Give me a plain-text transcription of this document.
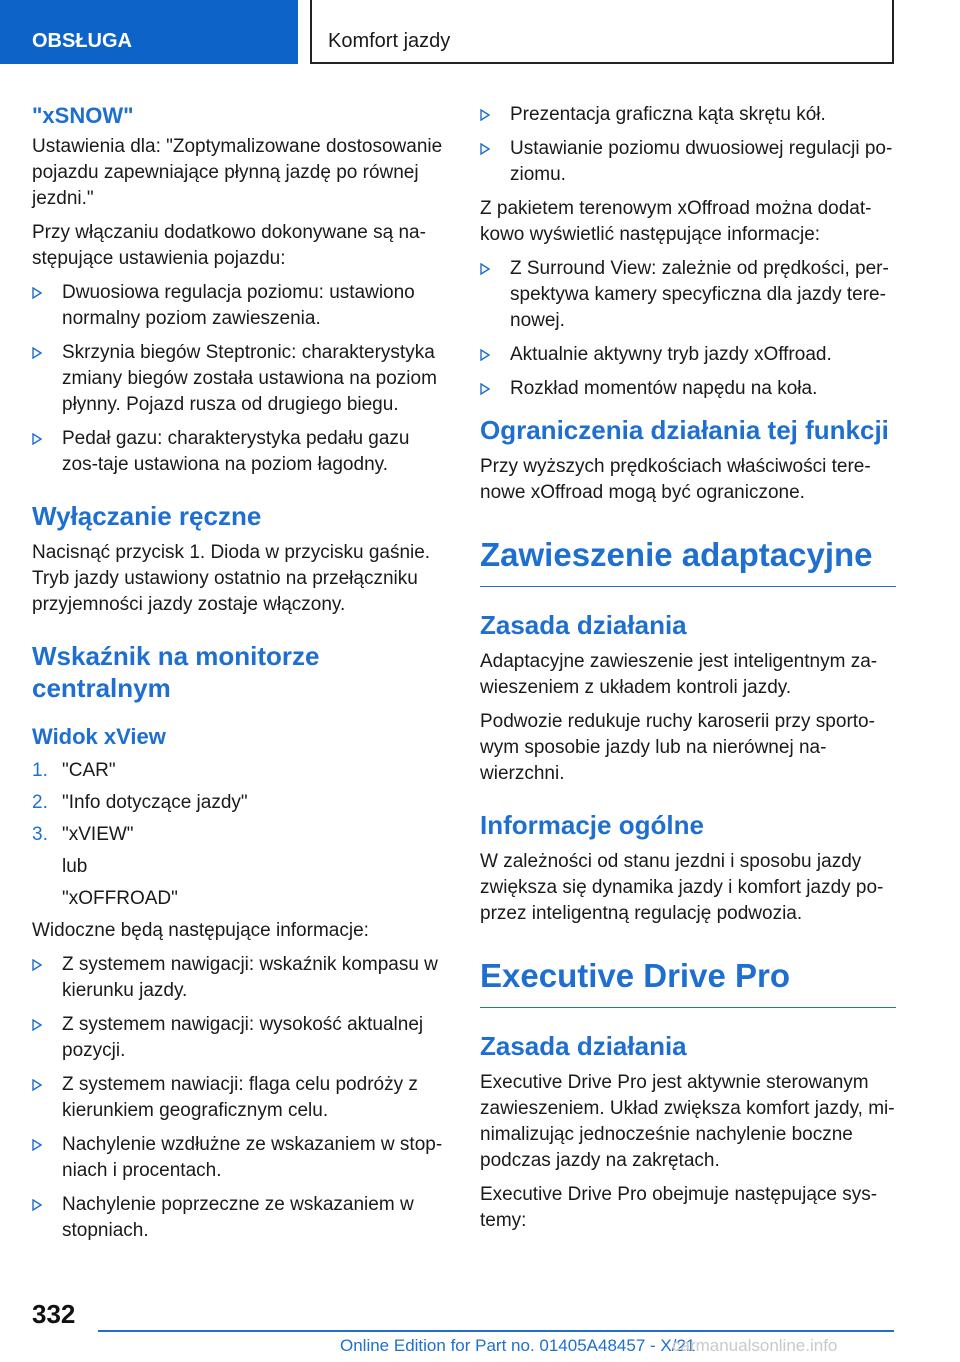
OBSŁUGA	Komfort jazdy
"xSNOW"

Ustawienia dla: "Zoptymalizowane dostosowanie pojazdu zapewniające płynną jazdę po równej jezdni."

Przy włączaniu dodatkowo dokonywane są na-stępujące ustawienia pojazdu:

Dwuosiowa regulacja poziomu: ustawiono normalny poziom zawieszenia.
Skrzynia biegów Steptronic: charakterystyka zmiany biegów została ustawiona na poziom płynny. Pojazd rusza od drugiego biegu.
Pedał gazu: charakterystyka pedału gazu zos-taje ustawiona na poziom łagodny.
Wyłączanie ręczne

Nacisnąć przycisk 1. Dioda w przycisku gaśnie. Tryb jazdy ustawiony ostatnio na przełączniku przyjemności jazdy zostaje włączony.

Wskaźnik na monitorze centralnym
Widok xView
1. "CAR"
2. "Info dotyczące jazdy"
3. "xVIEW"
lub
"xOFFROAD"

Widoczne będą następujące informacje:

Z systemem nawigacji: wskaźnik kompasu w kierunku jazdy.
Z systemem nawigacji: wysokość aktualnej pozycji.
Z systemem nawiacji: flaga celu podróży z kierunkiem geograficznym celu.
Nachylenie wzdłużne ze wskazaniem w stop-niach i procentach.
Nachylenie poprzeczne ze wskazaniem w stopniach.
Prezentacja graficzna kąta skrętu kół.
Ustawianie poziomu dwuosiowej regulacji po-ziomu.

Z pakietem terenowym xOffroad można dodat-kowo wyświetlić następujące informacje:

Z Surround View: zależnie od prędkości, per-spektywa kamery specyficzna dla jazdy tere-nowej.
Aktualnie aktywny tryb jazdy xOffroad.
Rozkład momentów napędu na koła.
Ograniczenia działania tej funkcji

Przy wyższych prędkościach właściwości tere-nowe xOffroad mogą być ograniczone.

Zawieszenie adaptacyjne
Zasada działania

Adaptacyjne zawieszenie jest inteligentnym za-wieszeniem z układem kontroli jazdy.

Podwozie redukuje ruchy karoserii przy sporto-wym sposobie jazdy lub na nierównej na-wierzchni.

Informacje ogólne

W zależności od stanu jezdni i sposobu jazdy zwiększa się dynamika jazdy i komfort jazdy po-przez inteligentną regulację podwozia.

Executive Drive Pro
Zasada działania

Executive Drive Pro jest aktywnie sterowanym zawieszeniem. Układ zwiększa komfort jazdy, mi-nimalizując jednocześnie nachylenie boczne podczas jazdy na zakrętach.

Executive Drive Pro obejmuje następujące sys-temy:

332
Online Edition for Part no. 01405A48457 - X/21
carmanualsonline.info
